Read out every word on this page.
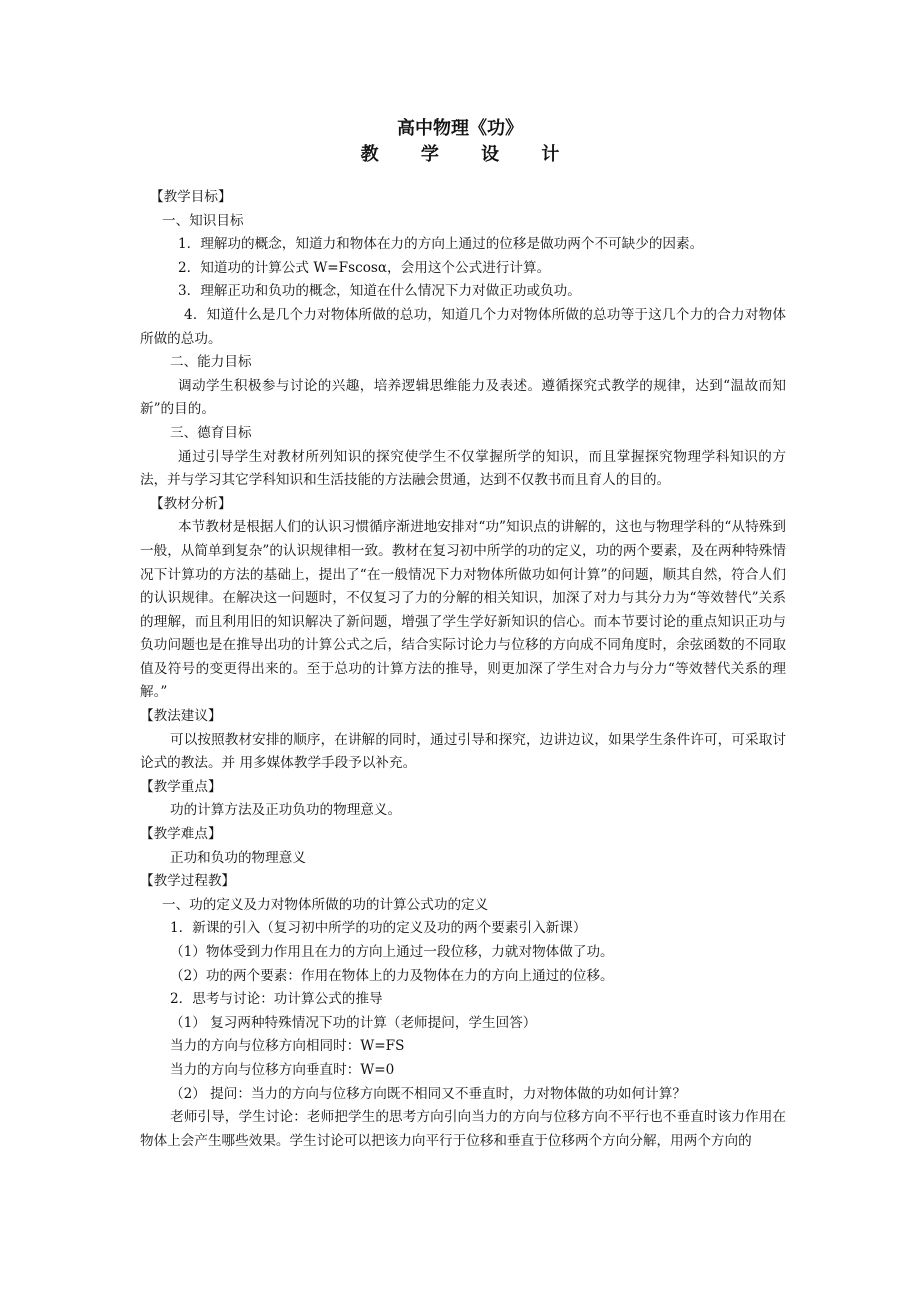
高中物理《功》
教 学 设 计

【教学目标】

一、知识目标

1．理解功的概念，知道力和物体在力的方向上通过的位移是做功两个不可缺少的因素。

2．知道功的计算公式 W=Fscosα，会用这个公式进行计算。

3．理解正功和负功的概念，知道在什么情况下力对做正功或负功。

4．知道什么是几个力对物体所做的总功，知道几个力对物体所做的总功等于这几个力的合力对物体所做的总功。

二、能力目标

调动学生积极参与讨论的兴趣，培养逻辑思维能力及表述。遵循探究式教学的规律，达到“温故而知新”的目的。

三、德育目标

通过引导学生对教材所列知识的探究使学生不仅掌握所学的知识，而且掌握探究物理学科知识的方法，并与学习其它学科知识和生活技能的方法融会贯通，达到不仅教书而且育人的目的。

【教材分析】

本节教材是根据人们的认识习惯循序渐进地安排对“功”知识点的讲解的，这也与物理学科的“从特殊到一般，从简单到复杂”的认识规律相一致。教材在复习初中所学的功的定义，功的两个要素，及在两种特殊情况下计算功的方法的基础上，提出了“在一般情况下力对物体所做功如何计算”的问题，顺其自然，符合人们的认识规律。在解决这一问题时，不仅复习了力的分解的相关知识，加深了对力与其分力为“等效替代”关系的理解，而且利用旧的知识解决了新问题，增强了学生学好新知识的信心。而本节要讨论的重点知识正功与负功问题也是在推导出功的计算公式之后，结合实际讨论力与位移的方向成不同角度时，余弦函数的不同取值及符号的变更得出来的。至于总功的计算方法的推导，则更加深了学生对合力与分力“等效替代关系的理解。”

【教法建议】

可以按照教材安排的顺序，在讲解的同时，通过引导和探究，边讲边议，如果学生条件许可，可采取讨论式的教法。并 用多媒体教学手段予以补充。

【教学重点】

功的计算方法及正功负功的物理意义。

【教学难点】

正功和负功的物理意义

【教学过程教】

一、功的定义及力对物体所做的功的计算公式功的定义

1．新课的引入（复习初中所学的功的定义及功的两个要素引入新课）

（1）物体受到力作用且在力的方向上通过一段位移，力就对物体做了功。

（2）功的两个要素：作用在物体上的力及物体在力的方向上通过的位移。

2．思考与讨论：功计算公式的推导

（1） 复习两种特殊情况下功的计算（老师提问，学生回答）

当力的方向与位移方向相同时：W=FS

当力的方向与位移方向垂直时：W=0

（2） 提问：当力的方向与位移方向既不相同又不垂直时，力对物体做的功如何计算？

老师引导，学生讨论：老师把学生的思考方向引向当力的方向与位移方向不平行也不垂直时该力作用在物体上会产生哪些效果。学生讨论可以把该力向平行于位移和垂直于位移两个方向分解，用两个方向的
